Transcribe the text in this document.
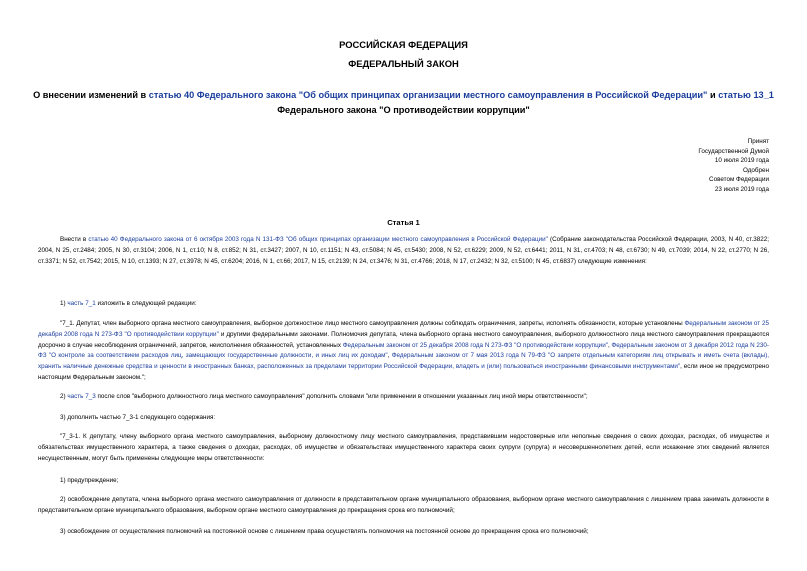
РОССИЙСКАЯ ФЕДЕРАЦИЯ
ФЕДЕРАЛЬНЫЙ ЗАКОН
О внесении изменений в статью 40 Федерального закона "Об общих принципах организации местного самоуправления в Российской Федерации" и статью 13_1
Федерального закона "О противодействии коррупции"
Принят
Государственной Думой
10 июля 2019 года
Одобрен
Советом Федерации
23 июля 2019 года
Статья 1
Внести в статью 40 Федерального закона от 6 октября 2003 года N 131-ФЗ "Об общих принципах организации местного самоуправления в Российской Федерации" (Собрание законодательства Российской Федерации, 2003, N 40, ст.3822; 2004, N 25, ст.2484; 2005, N 30, ст.3104; 2006, N 1, ст.10; N 8, ст.852; N 31, ст.3427; 2007, N 10, ст.1151; N 43, ст.5084; N 45, ст.5430; 2008, N 52, ст.6229; 2009, N 52, ст.6441; 2011, N 31, ст.4703; N 48, ст.6730; N 49, ст.7039; 2014, N 22, ст.2770; N 26, ст.3371; N 52, ст.7542; 2015, N 10, ст.1393; N 27, ст.3978; N 45, ст.6204; 2016, N 1, ст.66; 2017, N 15, ст.2139; N 24, ст.3476; N 31, ст.4766; 2018, N 17, ст.2432; N 32, ст.5100; N 45, ст.6837) следующие изменения:
1) часть 7_1 изложить в следующей редакции:
"7_1. Депутат, член выборного органа местного самоуправления, выборное должностное лицо местного самоуправления должны соблюдать ограничения, запреты, исполнять обязанности, которые установлены Федеральным законом от 25 декабря 2008 года N 273-ФЗ "О противодействии коррупции" и другими федеральными законами. Полномочия депутата, члена выборного органа местного самоуправления, выборного должностного лица местного самоуправления прекращаются досрочно в случае несоблюдения ограничений, запретов, неисполнения обязанностей, установленных Федеральным законом от 25 декабря 2008 года N 273-ФЗ "О противодействии коррупции", Федеральным законом от 3 декабря 2012 года N 230-ФЗ "О контроле за соответствием расходов лиц, замещающих государственные должности, и иных лиц их доходам", Федеральным законом от 7 мая 2013 года N 79-ФЗ "О запрете отдельным категориям лиц открывать и иметь счета (вклады), хранить наличные денежные средства и ценности в иностранных банках, расположенных за пределами территории Российской Федерации, владеть и (или) пользоваться иностранными финансовыми инструментами", если иное не предусмотрено настоящим Федеральным законом.";
2) часть 7_3 после слов "выборного должностного лица местного самоуправления" дополнить словами "или применении в отношении указанных лиц иной меры ответственности";
3) дополнить частью 7_3-1 следующего содержания:
"7_3-1. К депутату, члену выборного органа местного самоуправления, выборному должностному лицу местного самоуправления, представившим недостоверные или неполные сведения о своих доходах, расходах, об имуществе и обязательствах имущественного характера, а также сведения о доходах, расходах, об имуществе и обязательствах имущественного характера своих супруги (супруга) и несовершеннолетних детей, если искажение этих сведений является несущественным, могут быть применены следующие меры ответственности:
1) предупреждение;
2) освобождение депутата, члена выборного органа местного самоуправления от должности в представительном органе муниципального образования, выборном органе местного самоуправления с лишением права занимать должности в представительном органе муниципального образования, выборном органе местного самоуправления до прекращения срока его полномочий;
3) освобождение от осуществления полномочий на постоянной основе с лишением права осуществлять полномочия на постоянной основе до прекращения срока его полномочий;
